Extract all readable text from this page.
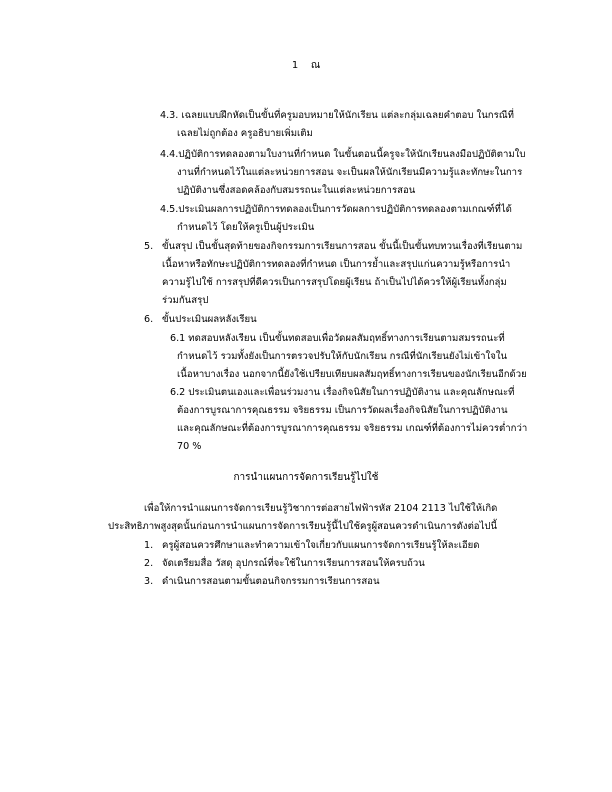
1 ณ

4.3. เฉลยแบบฝึกหัดเป็นขั้นที่ครูมอบหมายให้นักเรียน แต่ละกลุ่มเฉลยคำตอบ ในกรณีที่

เฉลยไม่ถูกต้อง ครูอธิบายเพิ่มเติม

4.4.ปฏิบัติการทดลองตามใบงานที่กำหนด ในขั้นตอนนี้ครูจะให้นักเรียนลงมือปฏิบัติตามใบ

งานที่กำหนดไว้ในแต่ละหน่วยการสอน จะเป็นผลให้นักเรียนมีความรู้และทักษะในการ

ปฏิบัติงานซึ่งสอดคล้องกับสมรรถนะในแต่ละหน่วยการสอน

4.5.ประเมินผลการปฏิบัติการทดลองเป็นการวัดผลการปฏิบัติการทดลองตามเกณฑ์ที่ได้

กำหนดไว้ โดยให้ครูเป็นผู้ประเมิน

5. ขั้นสรุป เป็นขั้นสุดท้ายของกิจกรรมการเรียนการสอน ขั้นนี้เป็นขั้นทบทวนเรื่องที่เรียนตาม

เนื้อหาหรือทักษะปฏิบัติการทดลองที่กำหนด เป็นการย้ำและสรุปแก่นความรู้หรือการนำ

ความรู้ไปใช้ การสรุปที่ดีควรเป็นการสรุปโดยผู้เรียน ถ้าเป็นไปได้ควรให้ผู้เรียนทั้งกลุ่ม

ร่วมกันสรุป

6. ขั้นประเมินผลหลังเรียน

6.1 ทดสอบหลังเรียน เป็นขั้นทดสอบเพื่อวัดผลสัมฤทธิ์ทางการเรียนตามสมรรถนะที่

กำหนดไว้ รวมทั้งยังเป็นการตรวจปรับให้กับนักเรียน กรณีที่นักเรียนยังไม่เข้าใจใน

เนื้อหาบางเรื่อง นอกจากนี้ยังใช้เปรียบเทียบผลสัมฤทธิ์ทางการเรียนของนักเรียนอีกด้วย

6.2 ประเมินตนเองและเพื่อนร่วมงาน เรื่องกิจนิสัยในการปฏิบัติงาน และคุณลักษณะที่

ต้องการบูรณาการคุณธรรม จริยธรรม เป็นการวัดผลเรื่องกิจนิสัยในการปฏิบัติงาน

และคุณลักษณะที่ต้องการบูรณาการคุณธรรม จริยธรรม เกณฑ์ที่ต้องการไม่ควรต่ำกว่า

70 %

การนำแผนการจัดการเรียนรู้ไปใช้

เพื่อให้การนำแผนการจัดการเรียนรู้วิชาการต่อสายไฟฟ้ารหัส 2104 2113 ไปใช้ให้เกิด

ประสิทธิภาพสูงสุดนั้นก่อนการนำแผนการจัดการเรียนรู้นี้ไปใช้ครูผู้สอนควรดำเนินการดังต่อไปนี้

1. ครูผู้สอนควรศึกษาและทำความเข้าใจเกี่ยวกับแผนการจัดการเรียนรู้ให้ละเอียด

2. จัดเตรียมสื่อ วัสดุ อุปกรณ์ที่จะใช้ในการเรียนการสอนให้ครบถ้วน

3. ดำเนินการสอนตามขั้นตอนกิจกรรมการเรียนการสอน
